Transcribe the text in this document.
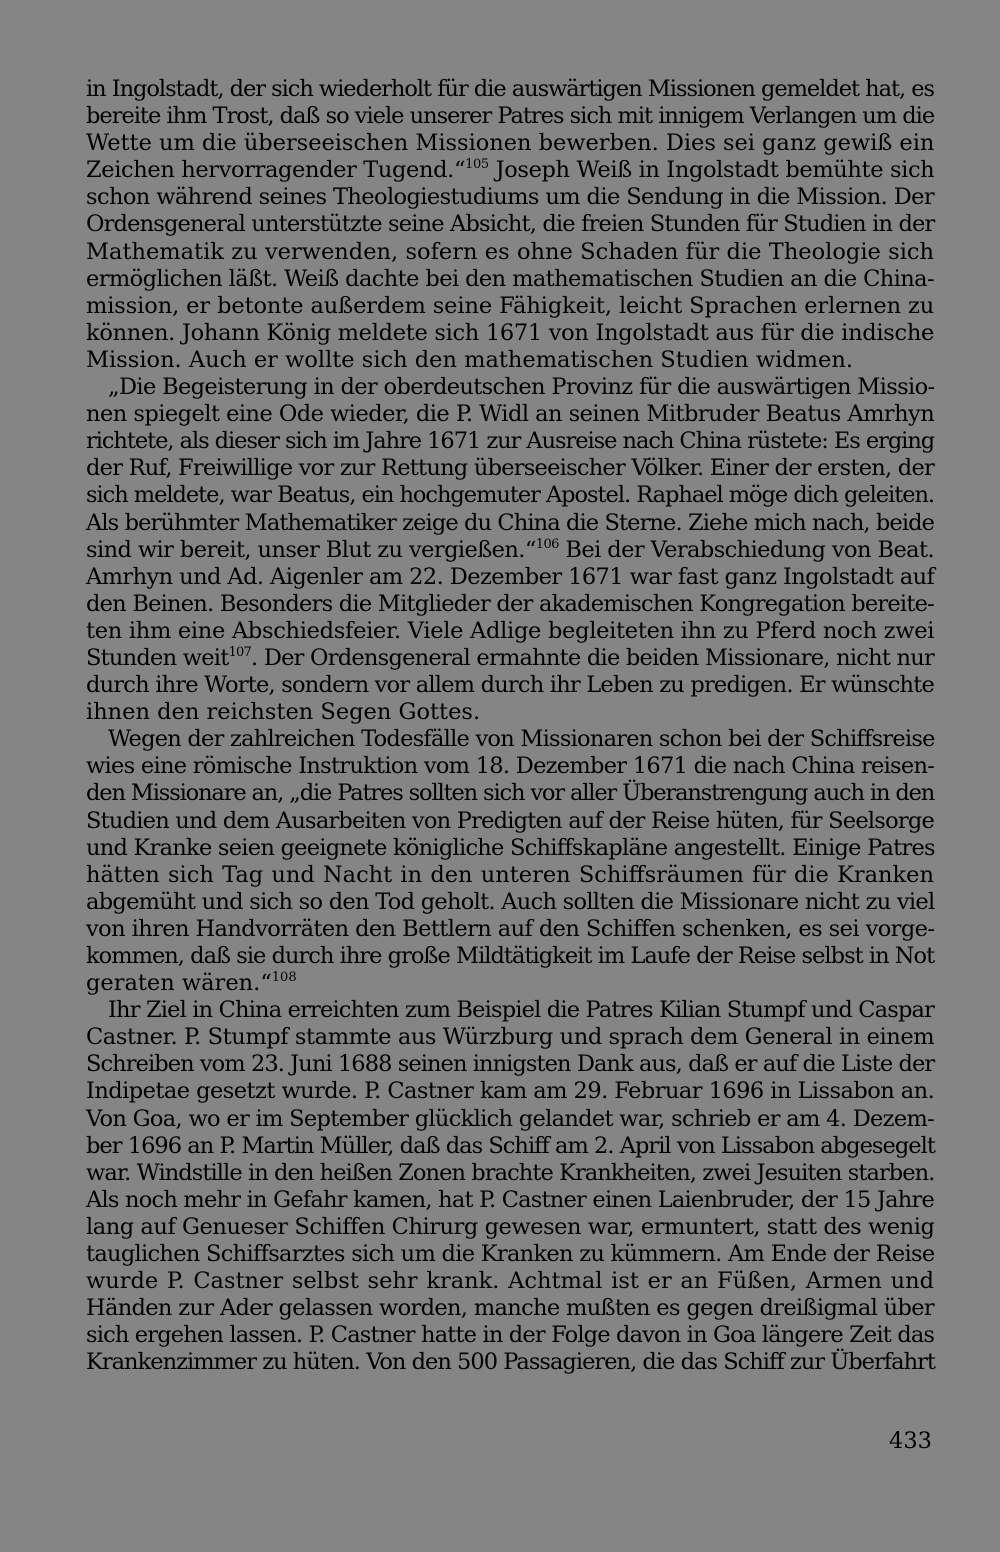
in Ingolstadt, der sich wiederholt für die auswärtigen Missionen gemeldet hat, es
bereite ihm Trost, daß so viele unserer Patres sich mit innigem Verlangen um die
Wette um die überseeischen Missionen bewerben. Dies sei ganz gewiß ein
Zeichen hervorragender Tugend.“$^{105}$ Joseph Weiß in Ingolstadt bemühte sich
schon während seines Theologiestudiums um die Sendung in die Mission. Der
Ordensgeneral unterstützte seine Absicht, die freien Stunden für Studien in der
Mathematik zu verwenden, sofern es ohne Schaden für die Theologie sich
ermöglichen läßt. Weiß dachte bei den mathematischen Studien an die China-
mission, er betonte außerdem seine Fähigkeit, leicht Sprachen erlernen zu
können. Johann König meldete sich 1671 von Ingolstadt aus für die indische
Mission. Auch er wollte sich den mathematischen Studien widmen.
„Die Begeisterung in der oberdeutschen Provinz für die auswärtigen Missio-
nen spiegelt eine Ode wieder, die P. Widl an seinen Mitbruder Beatus Amrhyn
richtete, als dieser sich im Jahre 1671 zur Ausreise nach China rüstete: Es erging
der Ruf, Freiwillige vor zur Rettung überseeischer Völker. Einer der ersten, der
sich meldete, war Beatus, ein hochgemuter Apostel. Raphael möge dich geleiten.
Als berühmter Mathematiker zeige du China die Sterne. Ziehe mich nach, beide
sind wir bereit, unser Blut zu vergießen.“$^{106}$ Bei der Verabschiedung von Beat.
Amrhyn und Ad. Aigenler am 22. Dezember 1671 war fast ganz Ingolstadt auf
den Beinen. Besonders die Mitglieder der akademischen Kongregation bereite-
ten ihm eine Abschiedsfeier. Viele Adlige begleiteten ihn zu Pferd noch zwei
Stunden weit$^{107}$. Der Ordensgeneral ermahnte die beiden Missionare, nicht nur
durch ihre Worte, sondern vor allem durch ihr Leben zu predigen. Er wünschte
ihnen den reichsten Segen Gottes.
Wegen der zahlreichen Todesfälle von Missionaren schon bei der Schiffsreise
wies eine römische Instruktion vom 18. Dezember 1671 die nach China reisen-
den Missionare an, „die Patres sollten sich vor aller Überanstrengung auch in den
Studien und dem Ausarbeiten von Predigten auf der Reise hüten, für Seelsorge
und Kranke seien geeignete königliche Schiffskapläne angestellt. Einige Patres
hätten sich Tag und Nacht in den unteren Schiffsräumen für die Kranken
abgemüht und sich so den Tod geholt. Auch sollten die Missionare nicht zu viel
von ihren Handvorräten den Bettlern auf den Schiffen schenken, es sei vorge-
kommen, daß sie durch ihre große Mildtätigkeit im Laufe der Reise selbst in Not
geraten wären.“$^{108}$
Ihr Ziel in China erreichten zum Beispiel die Patres Kilian Stumpf und Caspar
Castner. P. Stumpf stammte aus Würzburg und sprach dem General in einem
Schreiben vom 23. Juni 1688 seinen innigsten Dank aus, daß er auf die Liste der
Indipetae gesetzt wurde. P. Castner kam am 29. Februar 1696 in Lissabon an.
Von Goa, wo er im September glücklich gelandet war, schrieb er am 4. Dezem-
ber 1696 an P. Martin Müller, daß das Schiff am 2. April von Lissabon abgesegelt
war. Windstille in den heißen Zonen brachte Krankheiten, zwei Jesuiten starben.
Als noch mehr in Gefahr kamen, hat P. Castner einen Laienbruder, der 15 Jahre
lang auf Genueser Schiffen Chirurg gewesen war, ermuntert, statt des wenig
tauglichen Schiffsarztes sich um die Kranken zu kümmern. Am Ende der Reise
wurde P. Castner selbst sehr krank. Achtmal ist er an Füßen, Armen und
Händen zur Ader gelassen worden, manche mußten es gegen dreißigmal über
sich ergehen lassen. P. Castner hatte in der Folge davon in Goa längere Zeit das
Krankenzimmer zu hüten. Von den 500 Passagieren, die das Schiff zur Überfahrt
433
